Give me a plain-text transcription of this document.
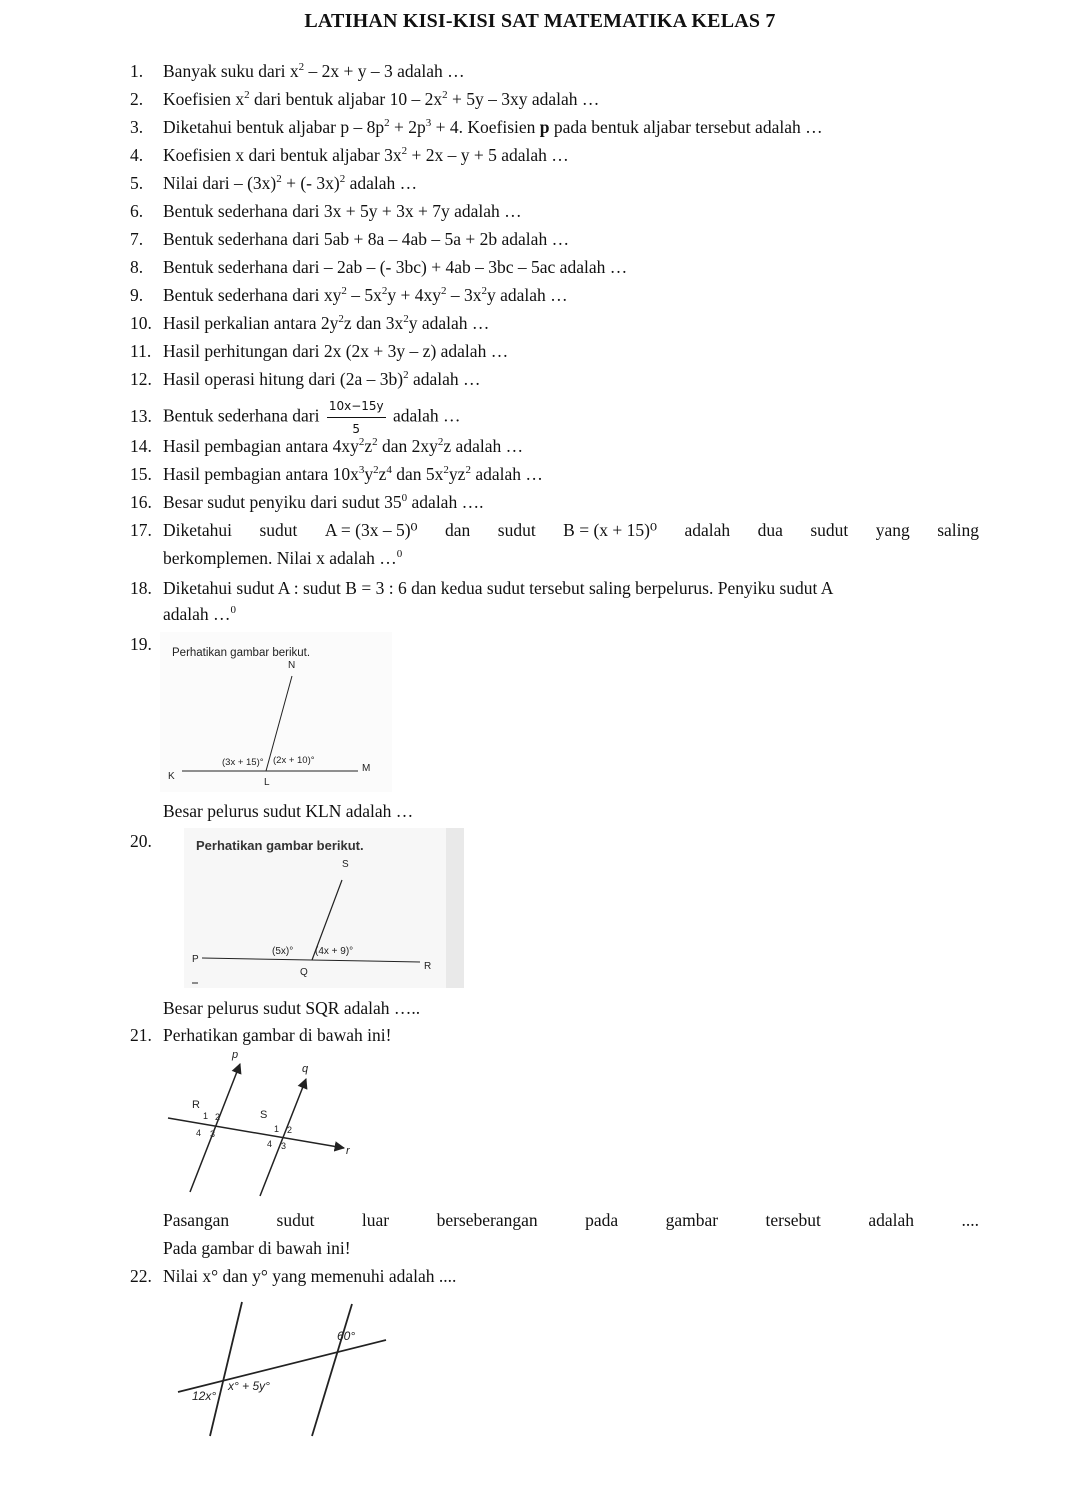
LATIHAN KISI-KISI SAT MATEMATIKA KELAS 7
1. Banyak suku dari $x^2 - 2x + y - 3$ adalah …
2. Koefisien $x^2$ dari bentuk aljabar $10 - 2x^2 + 5y - 3xy$ adalah …
3. Diketahui bentuk aljabar $p - 8p^2 + 2p^3 + 4$. Koefisien p pada bentuk aljabar tersebut adalah …
4. Koefisien x dari bentuk aljabar $3x^2 + 2x - y + 5$ adalah …
5. Nilai dari – $(3x)^2$ + (- 3x)$^2$ adalah …
6. Bentuk sederhana dari 3x + 5y + 3x + 7y adalah …
7. Bentuk sederhana dari 5ab + 8a – 4ab – 5a + 2b adalah …
8. Bentuk sederhana dari – 2ab – (- 3bc) + 4ab – 3bc – 5ac adalah …
9. Bentuk sederhana dari $xy^2 - 5x^2y + 4xy^2 - 3x^2y$ adalah …
10. Hasil perkalian antara $2y^2z$ dan $3x^2y$ adalah …
11. Hasil perhitungan dari 2x (2x + 3y – z) adalah …
12. Hasil operasi hitung dari (2a – 3b)$^2$ adalah …
13. Bentuk sederhana dari $\frac{10x-15y}{5}$ adalah …
14. Hasil pembagian antara $4xy^2z^2$ dan $2xy^2z$ adalah …
15. Hasil pembagian antara $10x^3y^2z^4$ dan $5x^2yz^2$ adalah …
16. Besar sudut penyiku dari sudut $35^0$ adalah ….
17. Diketahui sudut A = (3x – 5)⁰ dan sudut B = (x + 15)⁰ adalah dua sudut yang saling
berkomplemen. Nilai x adalah …$^0$
18. Diketahui sudut A : sudut B = 3 : 6 dan kedua sudut tersebut saling berpelurus. Penyiku sudut A
adalah …$^0$
19.	Perhatikan gambar berikut.
N
K
M
L
(3x + 15)° (2x + 10)°
Besar pelurus sudut KLN adalah …
20.	Perhatikan gambar berikut.
S
P
R
Q
(5x)° (4x + 9)°
Besar pelurus sudut SQR adalah …..
21. Perhatikan gambar di bawah ini!
p
q
r
R
S
1 2
4 3	1 2
4 3
Pasangan	sudut	luar	berseberangan	pada	gambar	tersebut	adalah	....
Pada gambar di bawah ini!
22. Nilai x° dan y° yang memenuhi adalah ....
60°
12x°
x° + 5y°
